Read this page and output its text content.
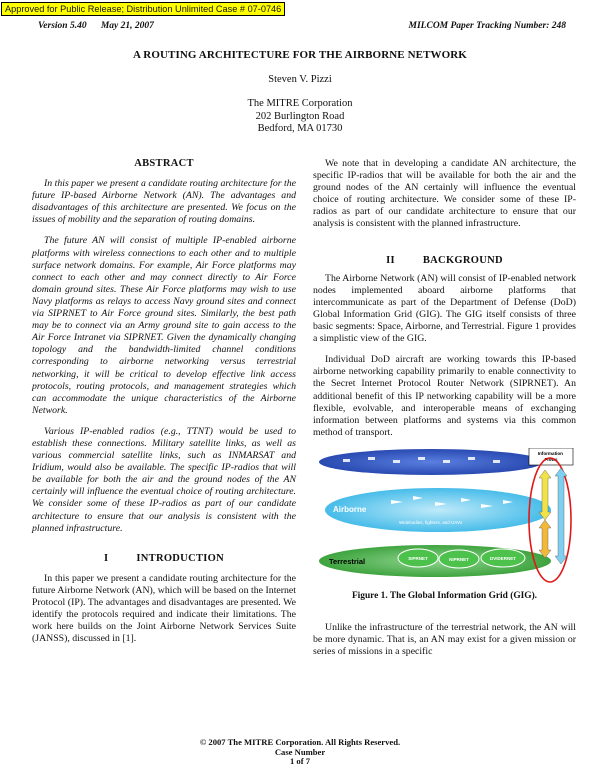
Approved for Public Release; Distribution Unlimited Case # 07-0746
Version 5.40      May 21, 2007	MILCOM Paper Tracking Number: 248
A ROUTING ARCHITECTURE FOR THE AIRBORNE NETWORK
Steven V. Pizzi
The MITRE Corporation
202 Burlington Road
Bedford, MA 01730
ABSTRACT

In this paper we present a candidate routing architecture for the future IP-based Airborne Network (AN). The advantages and disadvantages of this architecture are presented. We focus on the issues of mobility and the separation of routing domains.

The future AN will consist of multiple IP-enabled airborne platforms with wireless connections to each other and to multiple surface network domains. For example, Air Force platforms may connect to each other and may connect directly to Air Force domain ground sites. These Air Force platforms may wish to use Navy platforms as relays to access Navy ground sites and connect via SIPRNET to Air Force ground sites. Similarly, the best path may be to connect via an Army ground site to gain access to the Air Force Intranet via SIPRNET. Given the dynamically changing topology and the bandwidth-limited channel conditions corresponding to airborne networking versus terrestrial networking, it will be critical to develop effective link access protocols, routing protocols, and management strategies which can accommodate the unique characteristics of the Airborne Network.

Various IP-enabled radios (e.g., TTNT) would be used to establish these connections. Military satellite links, as well as various commercial satellite links, such as INMARSAT and Iridium, would also be available. The specific IP-radios that will be available for both the air and the ground nodes of the AN certainly will influence the eventual choice of routing architecture. We consider some of these IP-radios as part of our candidate architecture to ensure that our analysis is consistent with the planned infrastructure.

I	INTRODUCTION

In this paper we present a candidate routing architecture for the future Airborne Network (AN), which will be based on the Internet Protocol (IP). The advantages and disadvantages are presented. We identify the protocols required and indicate their limitations. The work here builds on the Joint Airborne Network Services Suite (JANSS), discussed in [1].

We note that in developing a candidate AN architecture, the specific IP-radios that will be available for both the air and the ground nodes of the AN certainly will influence the eventual choice of routing architecture. We consider some of these IP-radios as part of our candidate architecture to ensure that our analysis is consistent with the planned infrastructure.

II	BACKGROUND

The Airborne Network (AN) will consist of IP-enabled network nodes implemented aboard airborne platforms that intercommunicate as part of the Department of Defense (DoD) Global Information Grid (GIG). The GIG itself consists of three basic segments: Space, Airborne, and Terrestrial. Figure 1 provides a simplistic view of the GIG.

Individual DoD aircraft are working towards this IP-based airborne networking capability primarily to enable connectivity to the Secret Internet Protocol Router Network (SIPRNET). An additional benefit of this IP networking capability will be a more flexible, evolvable, and interoperable means of exchanging information between platforms and systems via this common method of transport.

Airborne
Widebodies, fighters, and UAVs
Terrestrial	SIPRNET	NIPRNET	DVIDERNET
Information Flows
Figure 1. The Global Information Grid (GIG).

Unlike the infrastructure of the terrestrial network, the AN will be more dynamic. That is, an AN may exist for a given mission or series of missions in a specific

© 2007 The MITRE Corporation. All Rights Reserved.
Case Number
1 of 7
